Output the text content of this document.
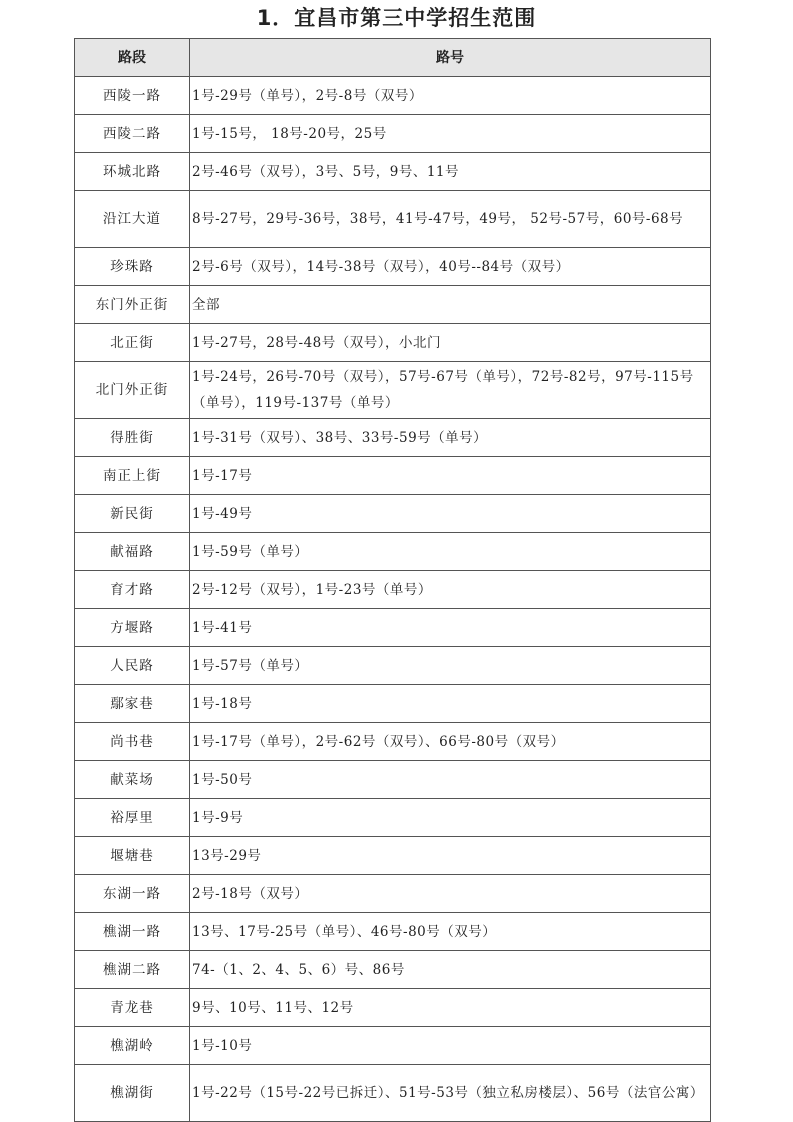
1．宜昌市第三中学招生范围
路段	路号
西陵一路	1号-29号（单号），2号-8号（双号）
西陵二路	1号-15号， 18号-20号，25号
环城北路	2号-46号（双号），3号、5号，9号、11号
沿江大道	8号-27号，29号-36号，38号，41号-47号，49号， 52号-57号，60号-68号
珍珠路	2号-6号（双号），14号-38号（双号），40号--84号（双号）
东门外正街	全部
北正街	1号-27号，28号-48号（双号），小北门
北门外正街	1号-24号，26号-70号（双号），57号-67号（单号），72号-82号，97号-115号（单号），119号-137号（单号）
得胜街	1号-31号（双号）、38号、33号-59号（单号）
南正上街	1号-17号
新民街	1号-49号
献福路	1号-59号（单号）
育才路	2号-12号（双号），1号-23号（单号）
方堰路	1号-41号
人民路	1号-57号（单号）
鄢家巷	1号-18号
尚书巷	1号-17号（单号），2号-62号（双号）、66号-80号（双号）
献菜场	1号-50号
裕厚里	1号-9号
堰塘巷	13号-29号
东湖一路	2号-18号（双号）
樵湖一路	13号、17号-25号（单号）、46号-80号（双号）
樵湖二路	74-（1、2、4、5、6）号、86号
青龙巷	9号、10号、11号、12号
樵湖岭	1号-10号
樵湖街	1号-22号（15号-22号已拆迁）、51号-53号（独立私房楼层）、56号（法官公寓）
